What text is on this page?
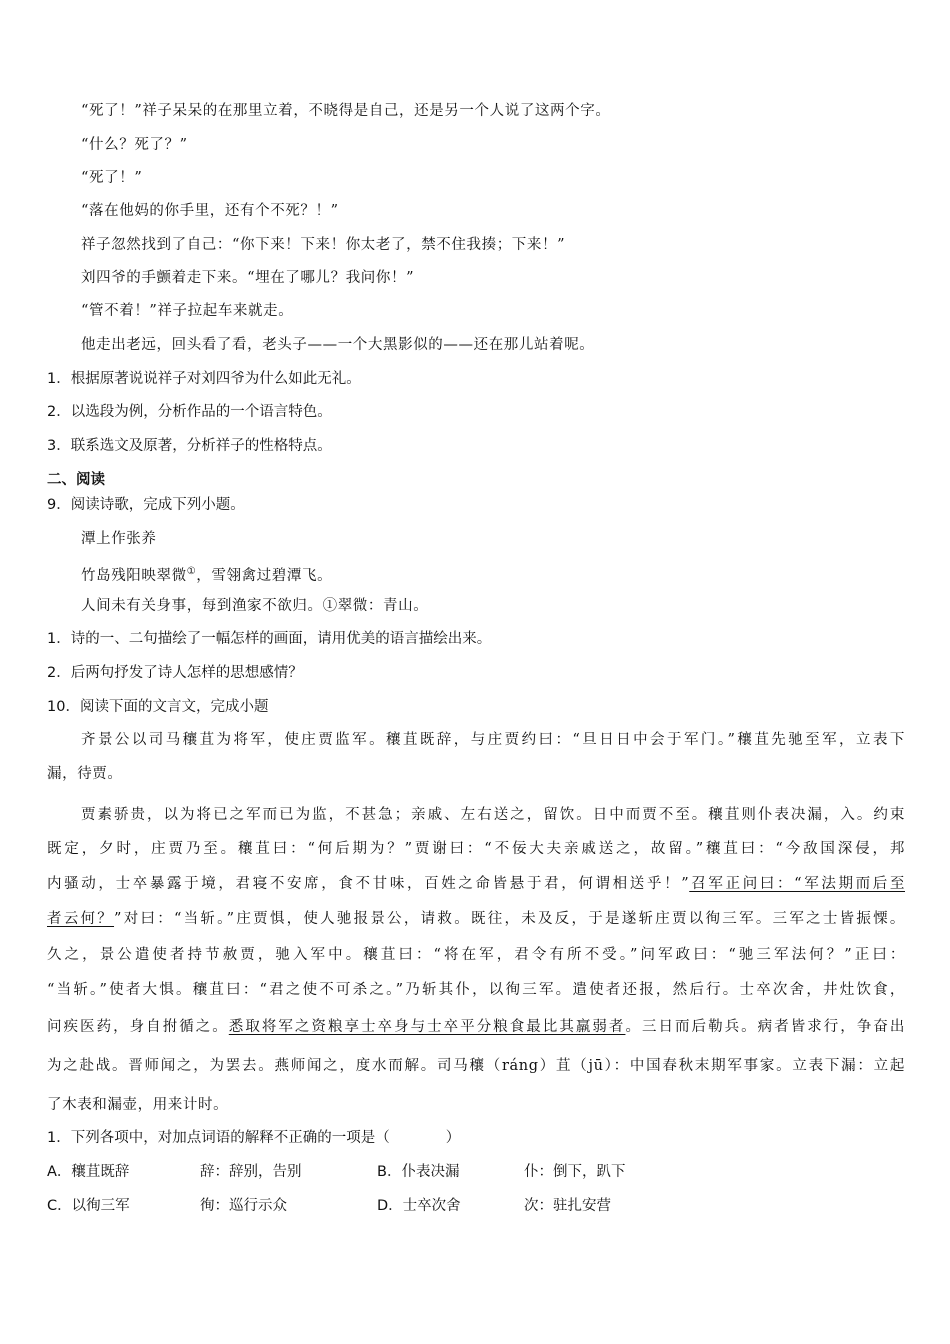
“死了！”祥子呆呆的在那里立着，不晓得是自己，还是另一个人说了这两个字。
“什么？死了？”
“死了！”
“落在他妈的你手里，还有个不死？！”
祥子忽然找到了自己：“你下来！下来！你太老了，禁不住我揍；下来！”
刘四爷的手颤着走下来。“埋在了哪儿？我问你！”
“管不着！”祥子拉起车来就走。
他走出老远，回头看了看，老头子——一个大黑影似的——还在那儿站着呢。
1．根据原著说说祥子对刘四爷为什么如此无礼。
2．以选段为例，分析作品的一个语言特色。
3．联系选文及原著，分析祥子的性格特点。
二、阅读
9．阅读诗歌，完成下列小题。
潭上作张养
竹岛残阳映翠微①，雪翎禽过碧潭飞。
人间未有关身事，每到渔家不欲归。①翠微：青山。
1．诗的一、二句描绘了一幅怎样的画面，请用优美的语言描绘出来。
2．后两句抒发了诗人怎样的思想感情？
10．阅读下面的文言文，完成小题
齐景公以司马穰苴为将军，使庄贾监军。穰苴既辞，与庄贾约曰：“旦日日中会于军门。”穰苴先驰至军，立表下
漏，待贾。
贾素骄贵，以为将已之军而已为监，不甚急；亲戚、左右送之，留饮。日中而贾不至。穰苴则仆表决漏，入。约束
既定，夕时，庄贾乃至。穰苴曰：“何后期为？”贾谢曰：“不佞大夫亲戚送之，故留。”穰苴曰：“今敌国深侵，邦
内骚动，士卒暴露于境，君寝不安席，食不甘味，百姓之命皆悬于君，何谓相送乎！”召军正问曰：“军法期而后至
者云何？”对曰：“当斩。”庄贾惧，使人驰报景公，请救。既往，未及反，于是遂斩庄贾以徇三军。三军之士皆振慄。
久之，景公遣使者持节赦贾，驰入军中。穰苴曰：“将在军，君令有所不受。”问军政曰：“驰三军法何？”正曰：
“当斩。”使者大惧。穰苴曰：“君之使不可杀之。”乃斩其仆，以徇三军。遣使者还报，然后行。士卒次舍，井灶饮食，
问疾医药，身自拊循之。悉取将军之资粮享士卒身与士卒平分粮食最比其羸弱者。三日而后勒兵。病者皆求行，争奋出
为之赴战。晋师闻之，为罢去。燕师闻之，度水而解。司马穰（ráng）苴（jū）：中国春秋末期军事家。立表下漏：立起
了木表和漏壶，用来计时。
1．下列各项中，对加点词语的解释不正确的一项是（	）
A．穰苴既辞	辞：辞别，告别	B．仆表决漏	仆：倒下，趴下
C．以徇三军	徇：巡行示众	D．士卒次舍	次：驻扎安营
